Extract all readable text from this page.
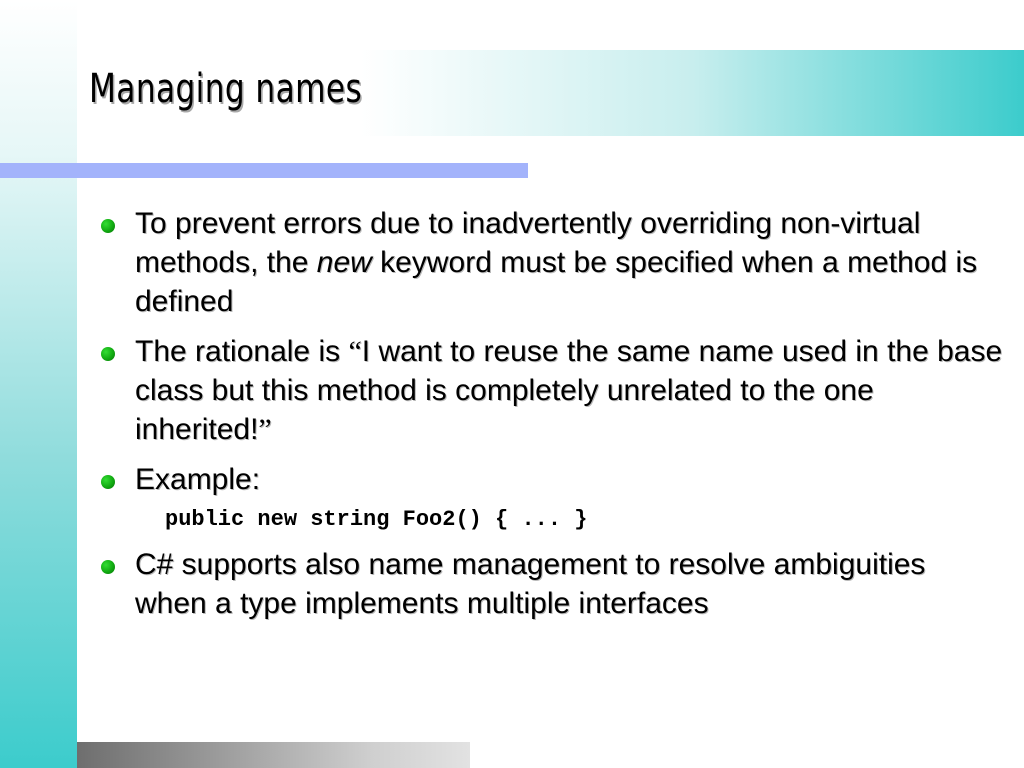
Managing names
To prevent errors due to inadvertently overriding non-virtual methods, the new keyword must be specified when a method is defined
The rationale is “I want to reuse the same name used in the base class but this method is completely unrelated to the one inherited!”
Example:
public new string Foo2() { ... }
C# supports also name management to resolve ambiguities when a type implements multiple interfaces
